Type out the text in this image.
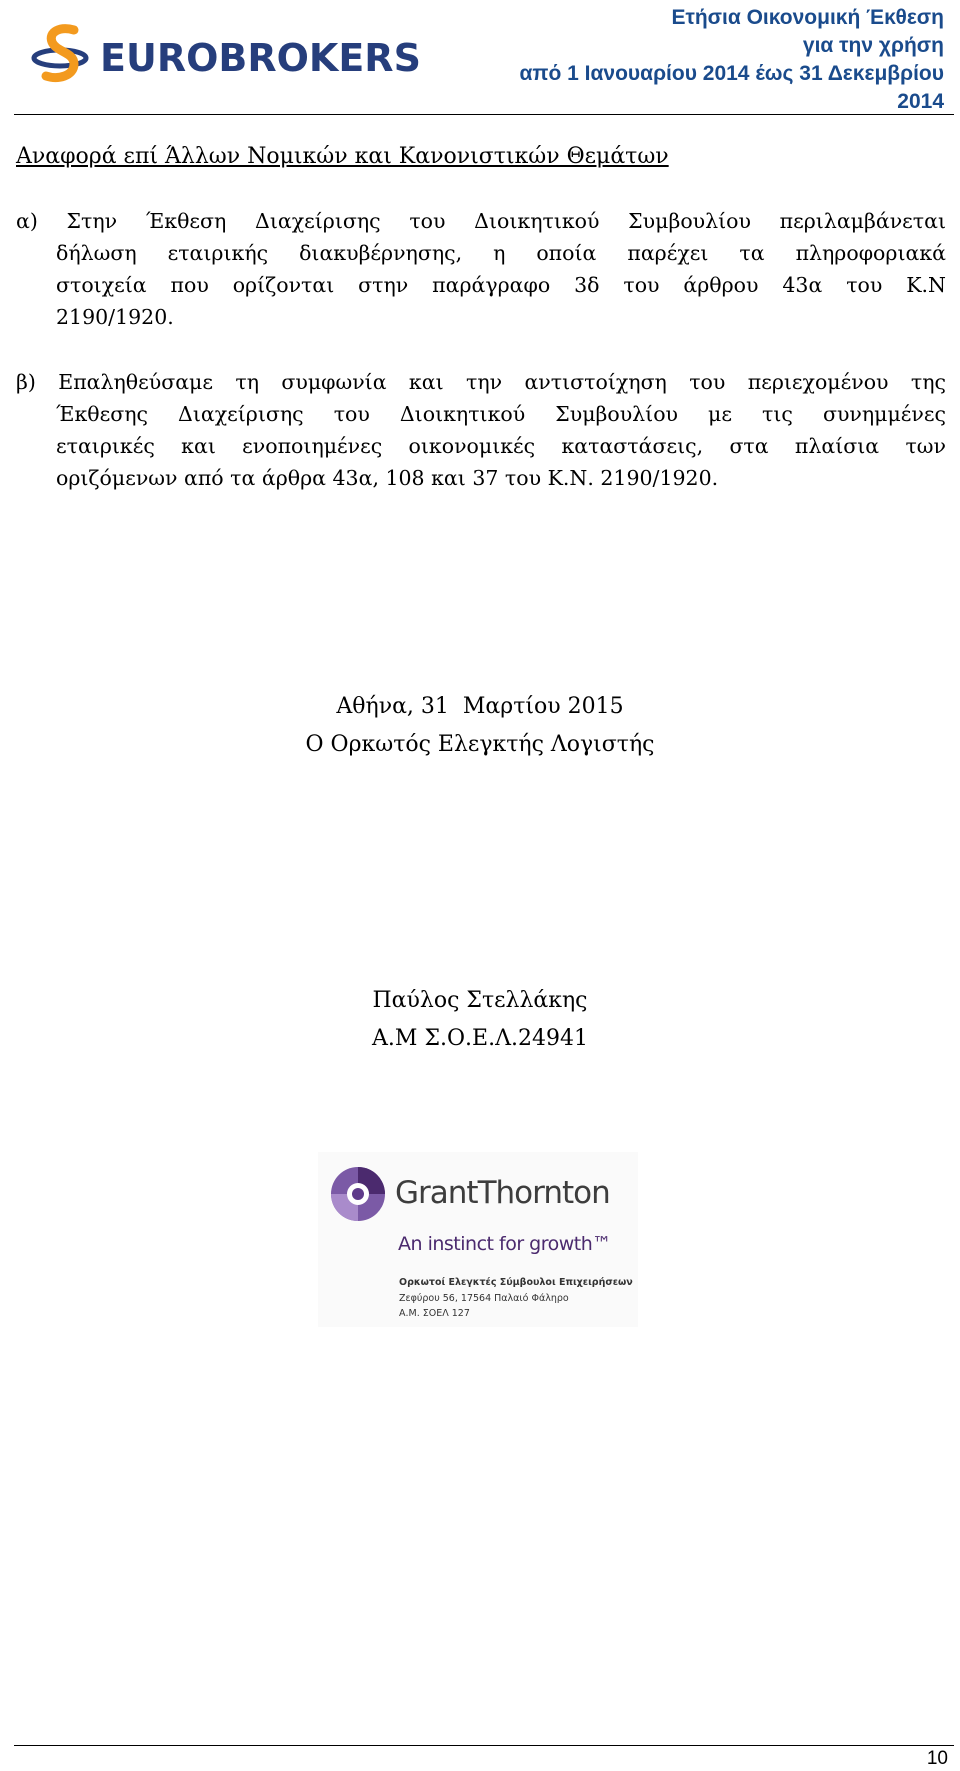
EUROBROKERS
Ετήσια Οικονομική Έκθεση
για την χρήση
από 1 Ιανουαρίου 2014 έως 31 Δεκεμβρίου
2014
Αναφορά επί Άλλων Νομικών και Κανονιστικών Θεμάτων
α) Στην Έκθεση Διαχείρισης του Διοικητικού Συμβουλίου περιλαμβάνεται
δήλωση εταιρικής διακυβέρνησης, η οποία παρέχει τα πληροφοριακά
στοιχεία που ορίζονται στην παράγραφο 3δ του άρθρου 43α του Κ.Ν
2190/1920.
β) Επαληθεύσαμε τη συμφωνία και την αντιστοίχηση του περιεχομένου της
Έκθεσης Διαχείρισης του Διοικητικού Συμβουλίου με τις συνημμένες
εταιρικές και ενοποιημένες οικονομικές καταστάσεις, στα πλαίσια των
οριζόμενων από τα άρθρα 43α, 108 και 37 του Κ.Ν. 2190/1920.
Αθήνα, 31  Μαρτίου 2015
Ο Ορκωτός Ελεγκτής Λογιστής
Παύλος Στελλάκης
Α.Μ Σ.Ο.Ε.Λ.24941
GrantThornton
An instinct for growth™
Ορκωτοί Ελεγκτές Σύμβουλοι Επιχειρήσεων
Ζεφύρου 56, 17564 Παλαιό Φάληρο
Α.Μ. ΣΟΕΛ 127
10
